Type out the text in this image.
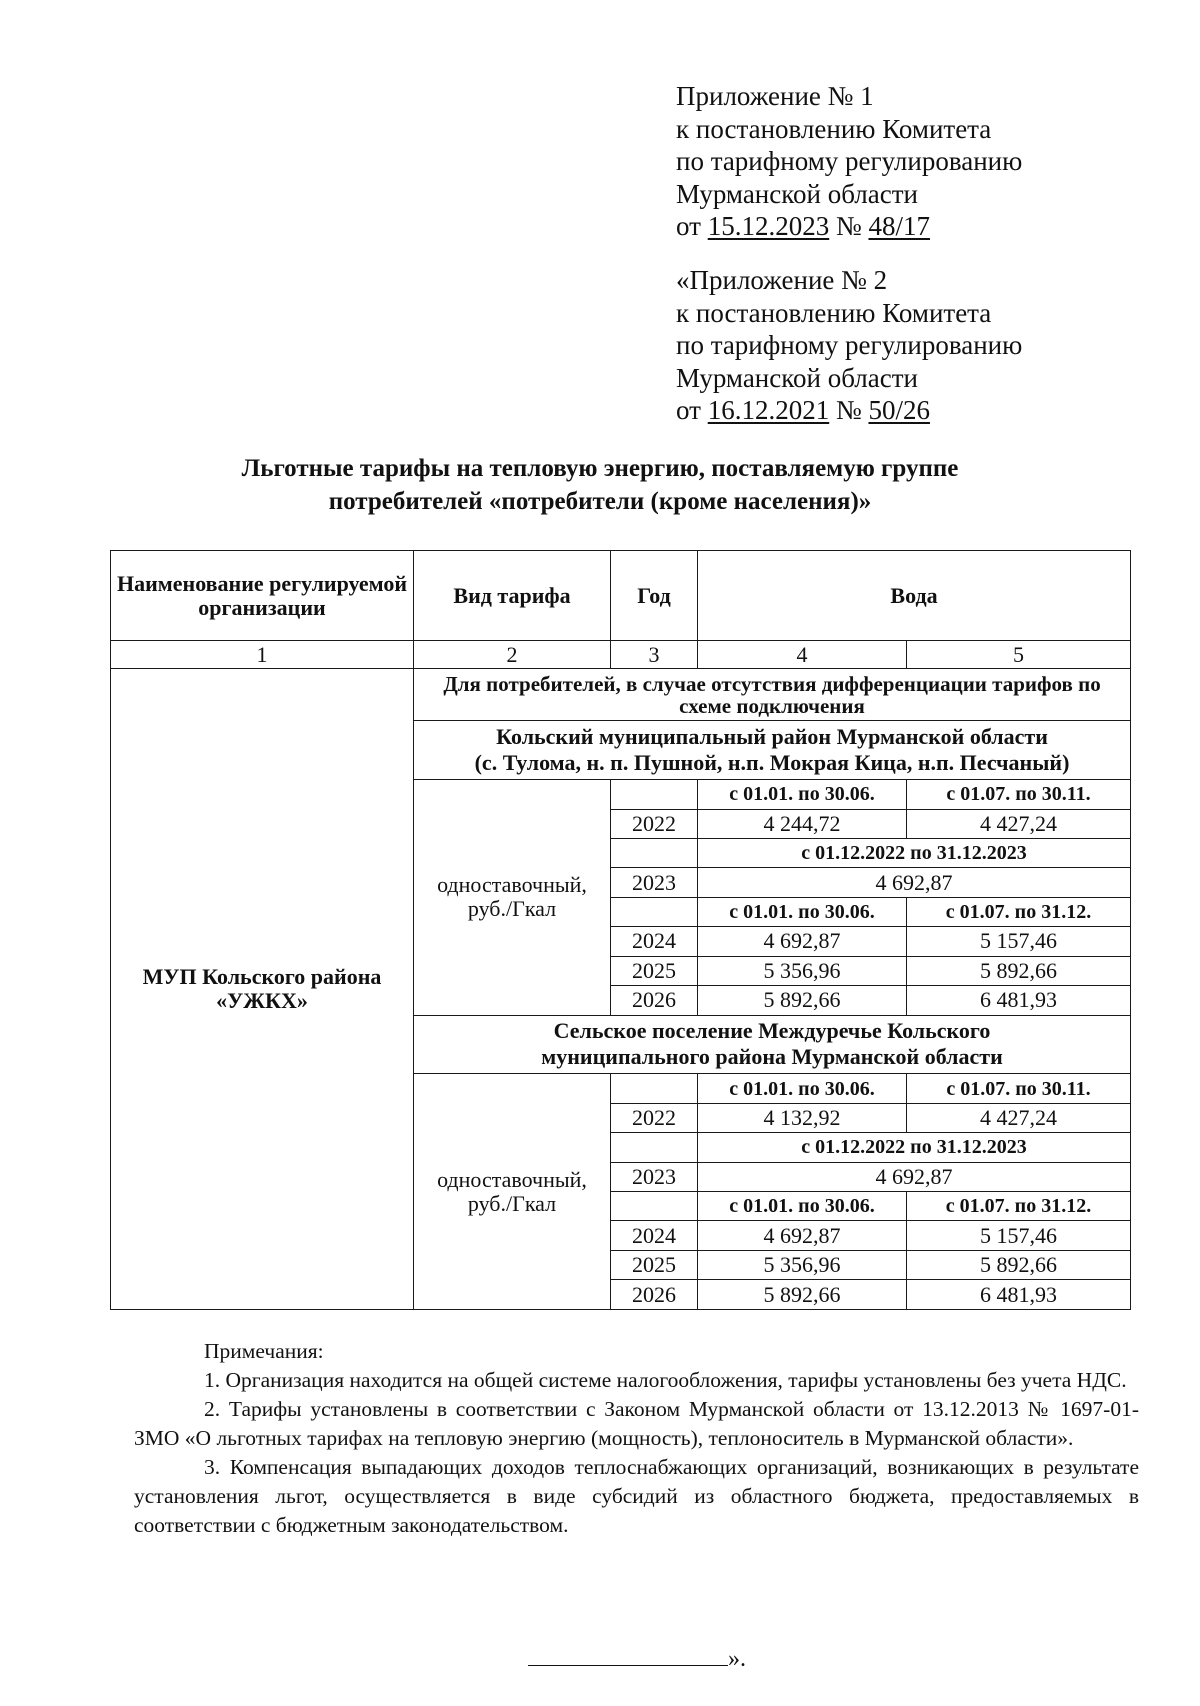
Приложение № 1
к постановлению Комитета
по тарифному регулированию
Мурманской области
от 15.12.2023 № 48/17
«Приложение № 2
к постановлению Комитета
по тарифному регулированию
Мурманской области
от 16.12.2021 № 50/26
Льготные тарифы на тепловую энергию, поставляемую группе
потребителей «потребители (кроме населения)»
Наименование регулируемой организации	Вид тарифа	Год	Вода	
1	2	3	4	5
МУП Кольского района «УЖКХ»	Для потребителей, в случае отсутствия дифференциации тарифов по схеме подключения			

	Кольский муниципальный район Мурманской области
(с. Тулома, н. п. Пушной, н.п. Мокрая Кица, н.п. Песчаный)			

	одноставочный, руб./Гкал		с 01.01. по 30.06.	с 01.07. по 30.11.
		2022	4 244,72	4 427,24
			с 01.12.2022 по 31.12.2023	
		2023	4 692,87	
			с 01.01. по 30.06.	с 01.07. по 31.12.
		2024	4 692,87	5 157,46
		2025	5 356,96	5 892,66
		2026	5 892,66	6 481,93

	Сельское поселение Междуречье Кольского
муниципального района Мурманской области			

	одноставочный, руб./Гкал		с 01.01. по 30.06.	с 01.07. по 30.11.
		2022	4 132,92	4 427,24
			с 01.12.2022 по 31.12.2023	
		2023	4 692,87	
			с 01.01. по 30.06.	с 01.07. по 31.12.
		2024	4 692,87	5 157,46
		2025	5 356,96	5 892,66
		2026	5 892,66	6 481,93
Примечания:
1. Организация находится на общей системе налогообложения, тарифы установлены без учета НДС.
2. Тарифы установлены в соответствии с Законом Мурманской области от 13.12.2013 № 1697-01-ЗМО «О льготных тарифах на тепловую энергию (мощность), теплоноситель в Мурманской области».
3. Компенсация выпадающих доходов теплоснабжающих организаций, возникающих в результате установления льгот, осуществляется в виде субсидий из областного бюджета, предоставляемых в соответствии с бюджетным законодательством.
».
